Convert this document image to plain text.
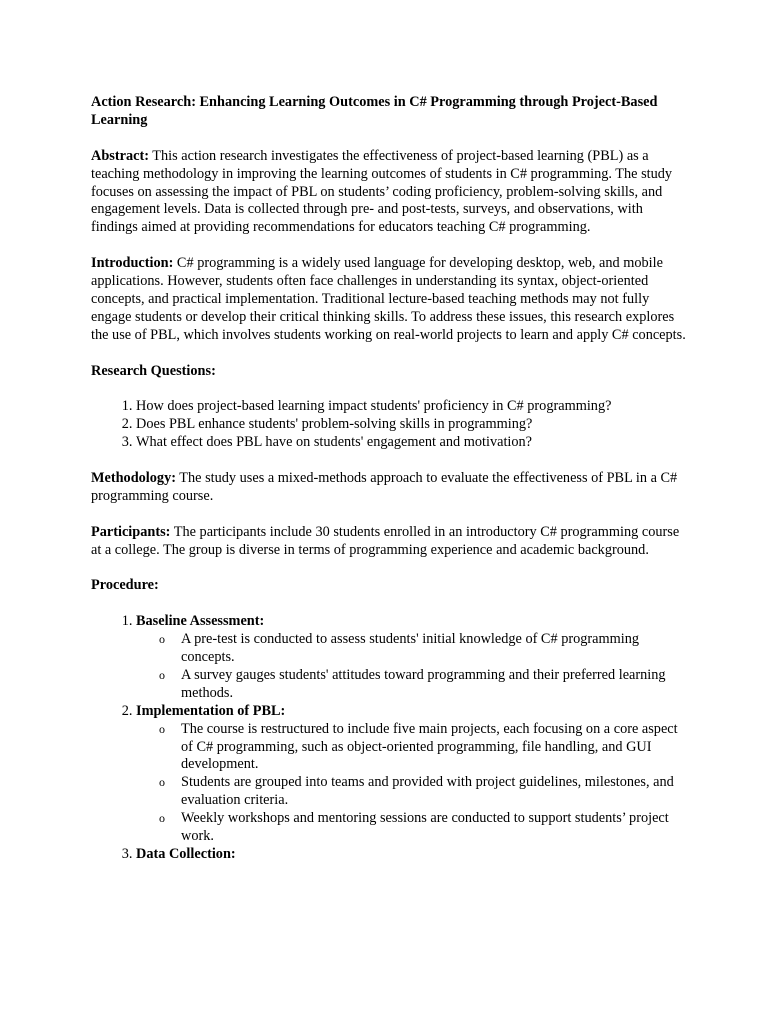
Action Research: Enhancing Learning Outcomes in C# Programming through Project-Based Learning

Abstract: This action research investigates the effectiveness of project-based learning (PBL) as a teaching methodology in improving the learning outcomes of students in C# programming. The study focuses on assessing the impact of PBL on students’ coding proficiency, problem-solving skills, and engagement levels. Data is collected through pre- and post-tests, surveys, and observations, with findings aimed at providing recommendations for educators teaching C# programming.

Introduction: C# programming is a widely used language for developing desktop, web, and mobile applications. However, students often face challenges in understanding its syntax, object-oriented concepts, and practical implementation. Traditional lecture-based teaching methods may not fully engage students or develop their critical thinking skills. To address these issues, this research explores the use of PBL, which involves students working on real-world projects to learn and apply C# concepts.

Research Questions:

1. How does project-based learning impact students' proficiency in C# programming?
2. Does PBL enhance students' problem-solving skills in programming?
3. What effect does PBL have on students' engagement and motivation?

Methodology: The study uses a mixed-methods approach to evaluate the effectiveness of PBL in a C# programming course.

Participants: The participants include 30 students enrolled in an introductory C# programming course at a college. The group is diverse in terms of programming experience and academic background.

Procedure:

1. Baseline Assessment:
o A pre-test is conducted to assess students' initial knowledge of C# programming concepts.
o A survey gauges students' attitudes toward programming and their preferred learning methods.
2. Implementation of PBL:
o The course is restructured to include five main projects, each focusing on a core aspect of C# programming, such as object-oriented programming, file handling, and GUI development.
o Students are grouped into teams and provided with project guidelines, milestones, and evaluation criteria.
o Weekly workshops and mentoring sessions are conducted to support students’ project work.
3. Data Collection:
